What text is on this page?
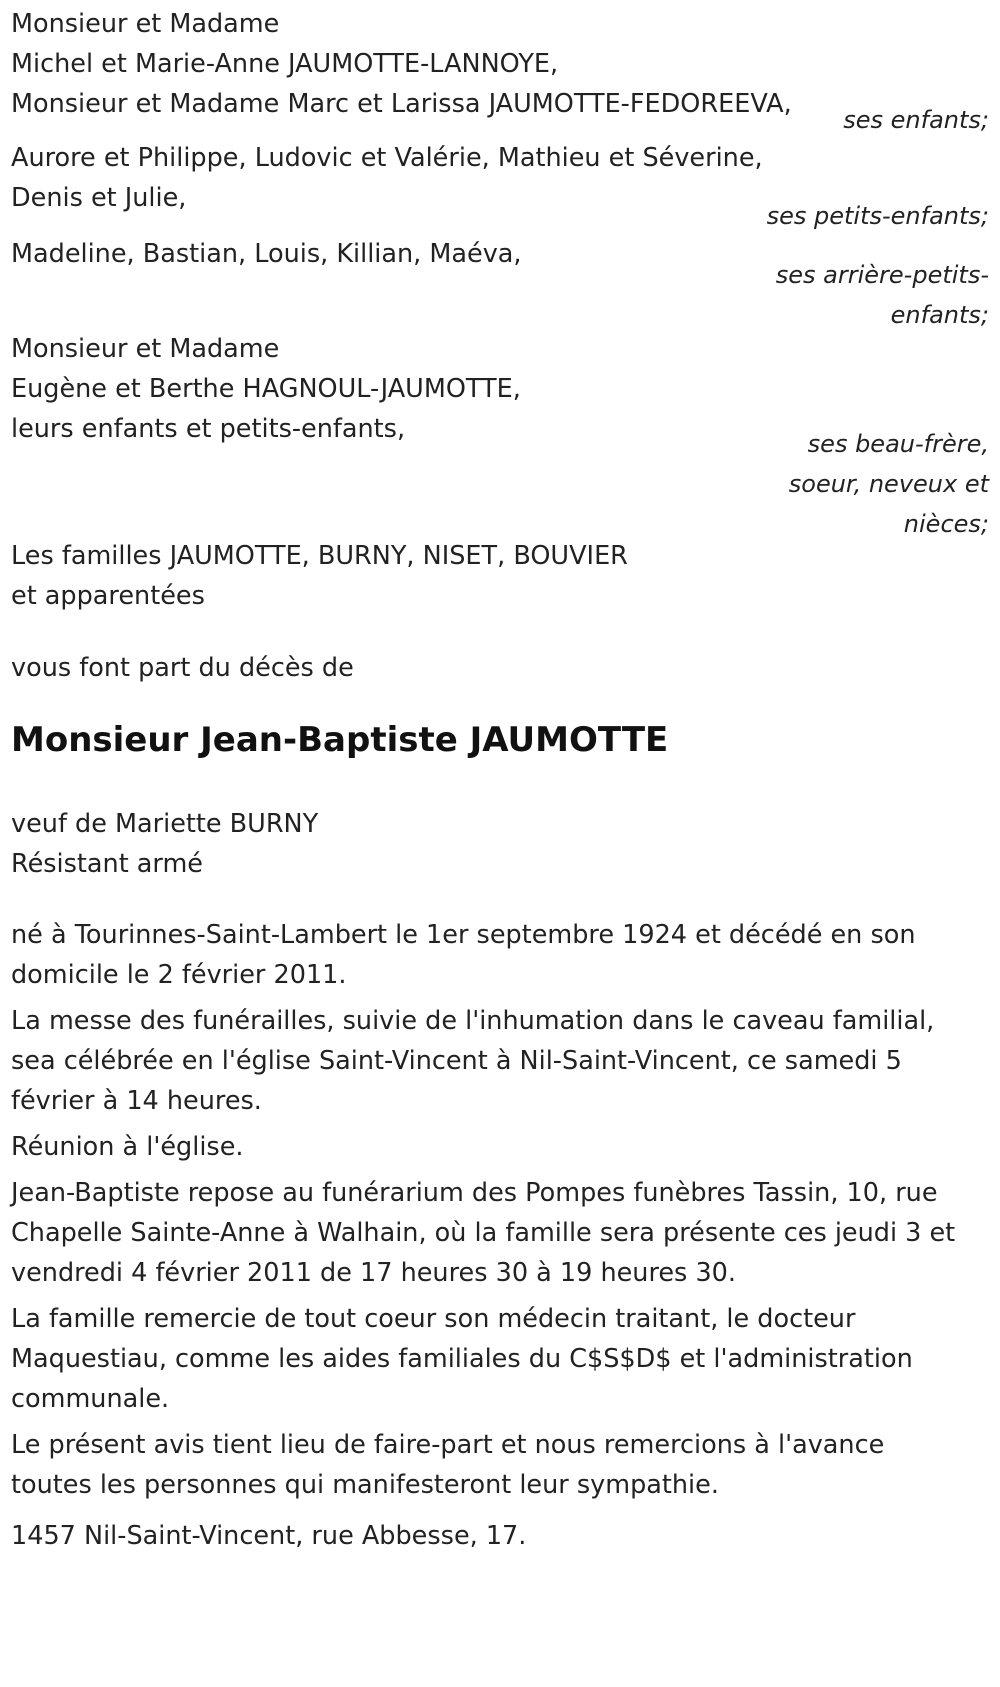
Monsieur et Madame
Michel et Marie-Anne JAUMOTTE-LANNOYE,
Monsieur et Madame Marc et Larissa JAUMOTTE-FEDOREEVA,
ses enfants;
Aurore et Philippe, Ludovic et Valérie, Mathieu et Séverine,
Denis et Julie,
ses petits-enfants;
Madeline, Bastian, Louis, Killian, Maéva,
ses arrière-petits-
enfants;
Monsieur et Madame
Eugène et Berthe HAGNOUL-JAUMOTTE,
leurs enfants et petits-enfants,	ses beau-frère,
soeur, neveux et
nièces;
Les familles JAUMOTTE, BURNY, NISET, BOUVIER
et apparentées
vous font part du décès de
Monsieur Jean-Baptiste JAUMOTTE
veuf de Mariette BURNY
Résistant armé
né à Tourinnes-Saint-Lambert le 1er septembre 1924 et décédé en son domicile le 2 février 2011.
La messe des funérailles, suivie de l'inhumation dans le caveau familial, sea célébrée en l'église Saint-Vincent à Nil-Saint-Vincent, ce samedi 5 février à 14 heures.
Réunion à l'église.
Jean-Baptiste repose au funérarium des Pompes funèbres Tassin, 10, rue Chapelle Sainte-Anne à Walhain, où la famille sera présente ces jeudi 3 et vendredi 4 février 2011 de 17 heures 30 à 19 heures 30.
La famille remercie de tout coeur son médecin traitant, le docteur Maquestiau, comme les aides familiales du C$S$D$ et l'administration communale.
Le présent avis tient lieu de faire-part et nous remercions à l'avance toutes les personnes qui manifesteront leur sympathie.
1457 Nil-Saint-Vincent, rue Abbesse, 17.
